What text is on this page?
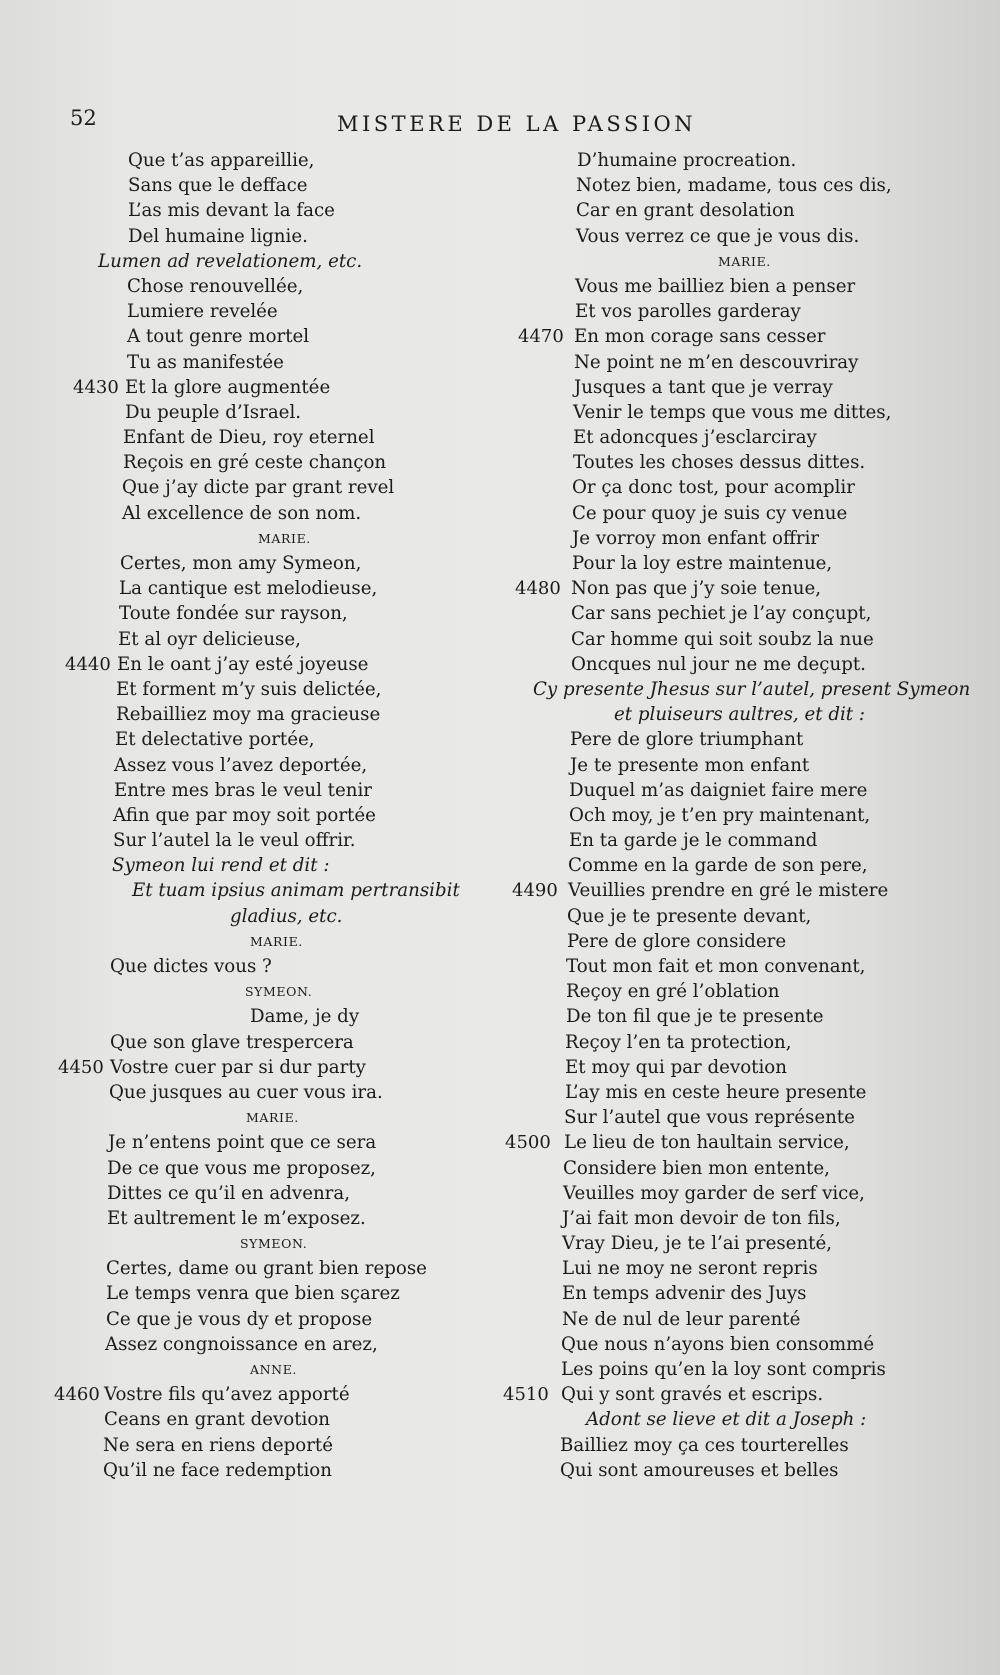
52	MISTERE DE LA PASSION
Que t’as appareillie,
Sans que le defface
L’as mis devant la face
Del humaine lignie.
Lumen ad revelationem, etc.
Chose renouvellée,
Lumiere revelée
A tout genre mortel
Tu as manifestée
4430 Et la glore augmentée
Du peuple d’Israel.
Enfant de Dieu, roy eternel
Reçois en gré ceste chançon
Que j’ay dicte par grant revel
Al excellence de son nom.
MARIE.
Certes, mon amy Symeon,
La cantique est melodieuse,
Toute fondée sur rayson,
Et al oyr delicieuse,
4440 En le oant j’ay esté joyeuse
Et forment m’y suis delictée,
Rebailliez moy ma gracieuse
Et delectative portée,
Assez vous l’avez deportée,
Entre mes bras le veul tenir
Afin que par moy soit portée
Sur l’autel la le veul offrir.
Symeon lui rend et dit :
Et tuam ipsius animam pertransibit
gladius, etc.
MARIE.
Que dictes vous ?
SYMEON.
Dame, je dy
Que son glave trespercera
4450 Vostre cuer par si dur party
Que jusques au cuer vous ira.
MARIE.
Je n’entens point que ce sera
De ce que vous me proposez,
Dittes ce qu’il en advenra,
Et aultrement le m’exposez.
SYMEON.
Certes, dame ou grant bien repose
Le temps venra que bien sçarez
Ce que je vous dy et propose
Assez congnoissance en arez,
ANNE.
4460 Vostre fils qu’avez apporté
Ceans en grant devotion
Ne sera en riens deporté
Qu’il ne face redemption
D’humaine procreation.
Notez bien, madame, tous ces dis,
Car en grant desolation
Vous verrez ce que je vous dis.
MARIE.
Vous me bailliez bien a penser
Et vos parolles garderay
4470 En mon corage sans cesser
Ne point ne m’en descouvriray
Jusques a tant que je verray
Venir le temps que vous me dittes,
Et adoncques j’esclarciray
Toutes les choses dessus dittes.
Or ça donc tost, pour acomplir
Ce pour quoy je suis cy venue
Je vorroy mon enfant offrir
Pour la loy estre maintenue,
4480 Non pas que j’y soie tenue,
Car sans pechiet je l’ay conçupt,
Car homme qui soit soubz la nue
Oncques nul jour ne me deçupt.
Cy presente Jhesus sur l’autel, present Symeon
et pluiseurs aultres, et dit :
Pere de glore triumphant
Je te presente mon enfant
Duquel m’as daigniet faire mere
Och moy, je t’en pry maintenant,
En ta garde je le command
Comme en la garde de son pere,
4490 Veuillies prendre en gré le mistere
Que je te presente devant,
Pere de glore considere
Tout mon fait et mon convenant,
Reçoy en gré l’oblation
De ton fil que je te presente
Reçoy l’en ta protection,
Et moy qui par devotion
L’ay mis en ceste heure presente
Sur l’autel que vous représente
4500 Le lieu de ton haultain service,
Considere bien mon entente,
Veuilles moy garder de serf vice,
J’ai fait mon devoir de ton fils,
Vray Dieu, je te l’ai presenté,
Lui ne moy ne seront repris
En temps advenir des Juys
Ne de nul de leur parenté
Que nous n’ayons bien consommé
Les poins qu’en la loy sont compris
4510 Qui y sont gravés et escrips.
Adont se lieve et dit a Joseph :
Bailliez moy ça ces tourterelles
Qui sont amoureuses et belles
